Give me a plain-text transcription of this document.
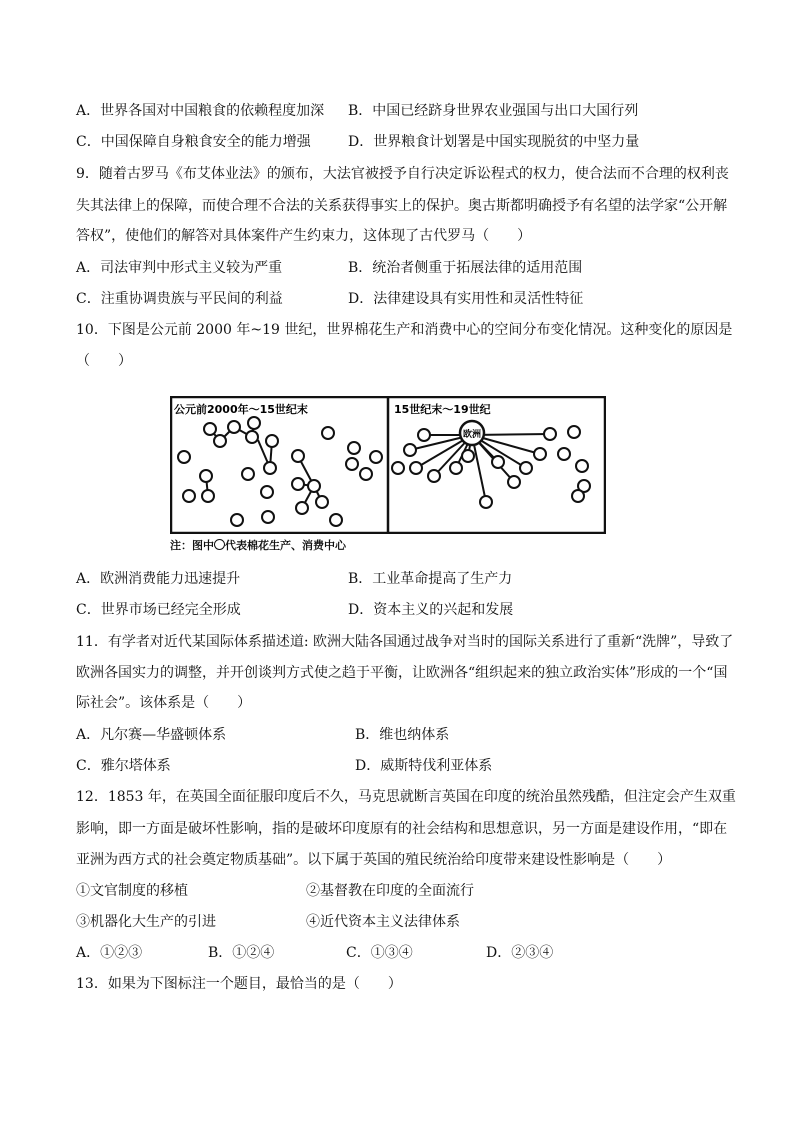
A．世界各国对中国粮食的依赖程度加深 B．中国已经跻身世界农业强国与出口大国行列
C．中国保障自身粮食安全的能力增强	D．世界粮食计划署是中国实现脱贫的中坚力量
9．随着古罗马《布艾体业法》的颁布，大法官被授予自行决定诉讼程式的权力，使合法而不合理的权利丧
失其法律上的保障，而使合理不合法的关系获得事实上的保护。奥古斯都明确授予有名望的法学家“公开解
答权”，使他们的解答对具体案件产生约束力，这体现了古代罗马（　　）
A．司法审判中形式主义较为严重	B．统治者侧重于拓展法律的适用范围
C．注重协调贵族与平民间的利益	D．法律建设具有实用性和灵活性特征
10．下图是公元前 2000 年~19 世纪，世界棉花生产和消费中心的空间分布变化情况。这种变化的原因是
（　　）
公元前2000年～15世纪末	15世纪末～19世纪
欧洲
注：图中 代表棉花生产、消费中心
A．欧洲消费能力迅速提升	B．工业革命提高了生产力
C．世界市场已经完全形成	D．资本主义的兴起和发展
11．有学者对近代某国际体系描述道: 欧洲大陆各国通过战争对当时的国际关系进行了重新“洗牌”，导致了
欧洲各国实力的调整，并开创谈判方式使之趋于平衡，让欧洲各“组织起来的独立政治实体”形成的一个“国
际社会”。该体系是（　　）
A．凡尔赛—华盛顿体系	B．维也纳体系
C．雅尔塔体系	D．威斯特伐利亚体系
12．1853 年，在英国全面征服印度后不久，马克思就断言英国在印度的统治虽然残酷，但注定会产生双重
影响，即一方面是破坏性影响，指的是破坏印度原有的社会结构和思想意识，另一方面是建设作用，“即在
亚洲为西方式的社会奠定物质基础”。以下属于英国的殖民统治给印度带来建设性影响是（　　）
①文官制度的移植	②基督教在印度的全面流行
③机器化大生产的引进	④近代资本主义法律体系
A．①②③	B．①②④	C．①③④	D．②③④
13．如果为下图标注一个题目，最恰当的是（　　）
